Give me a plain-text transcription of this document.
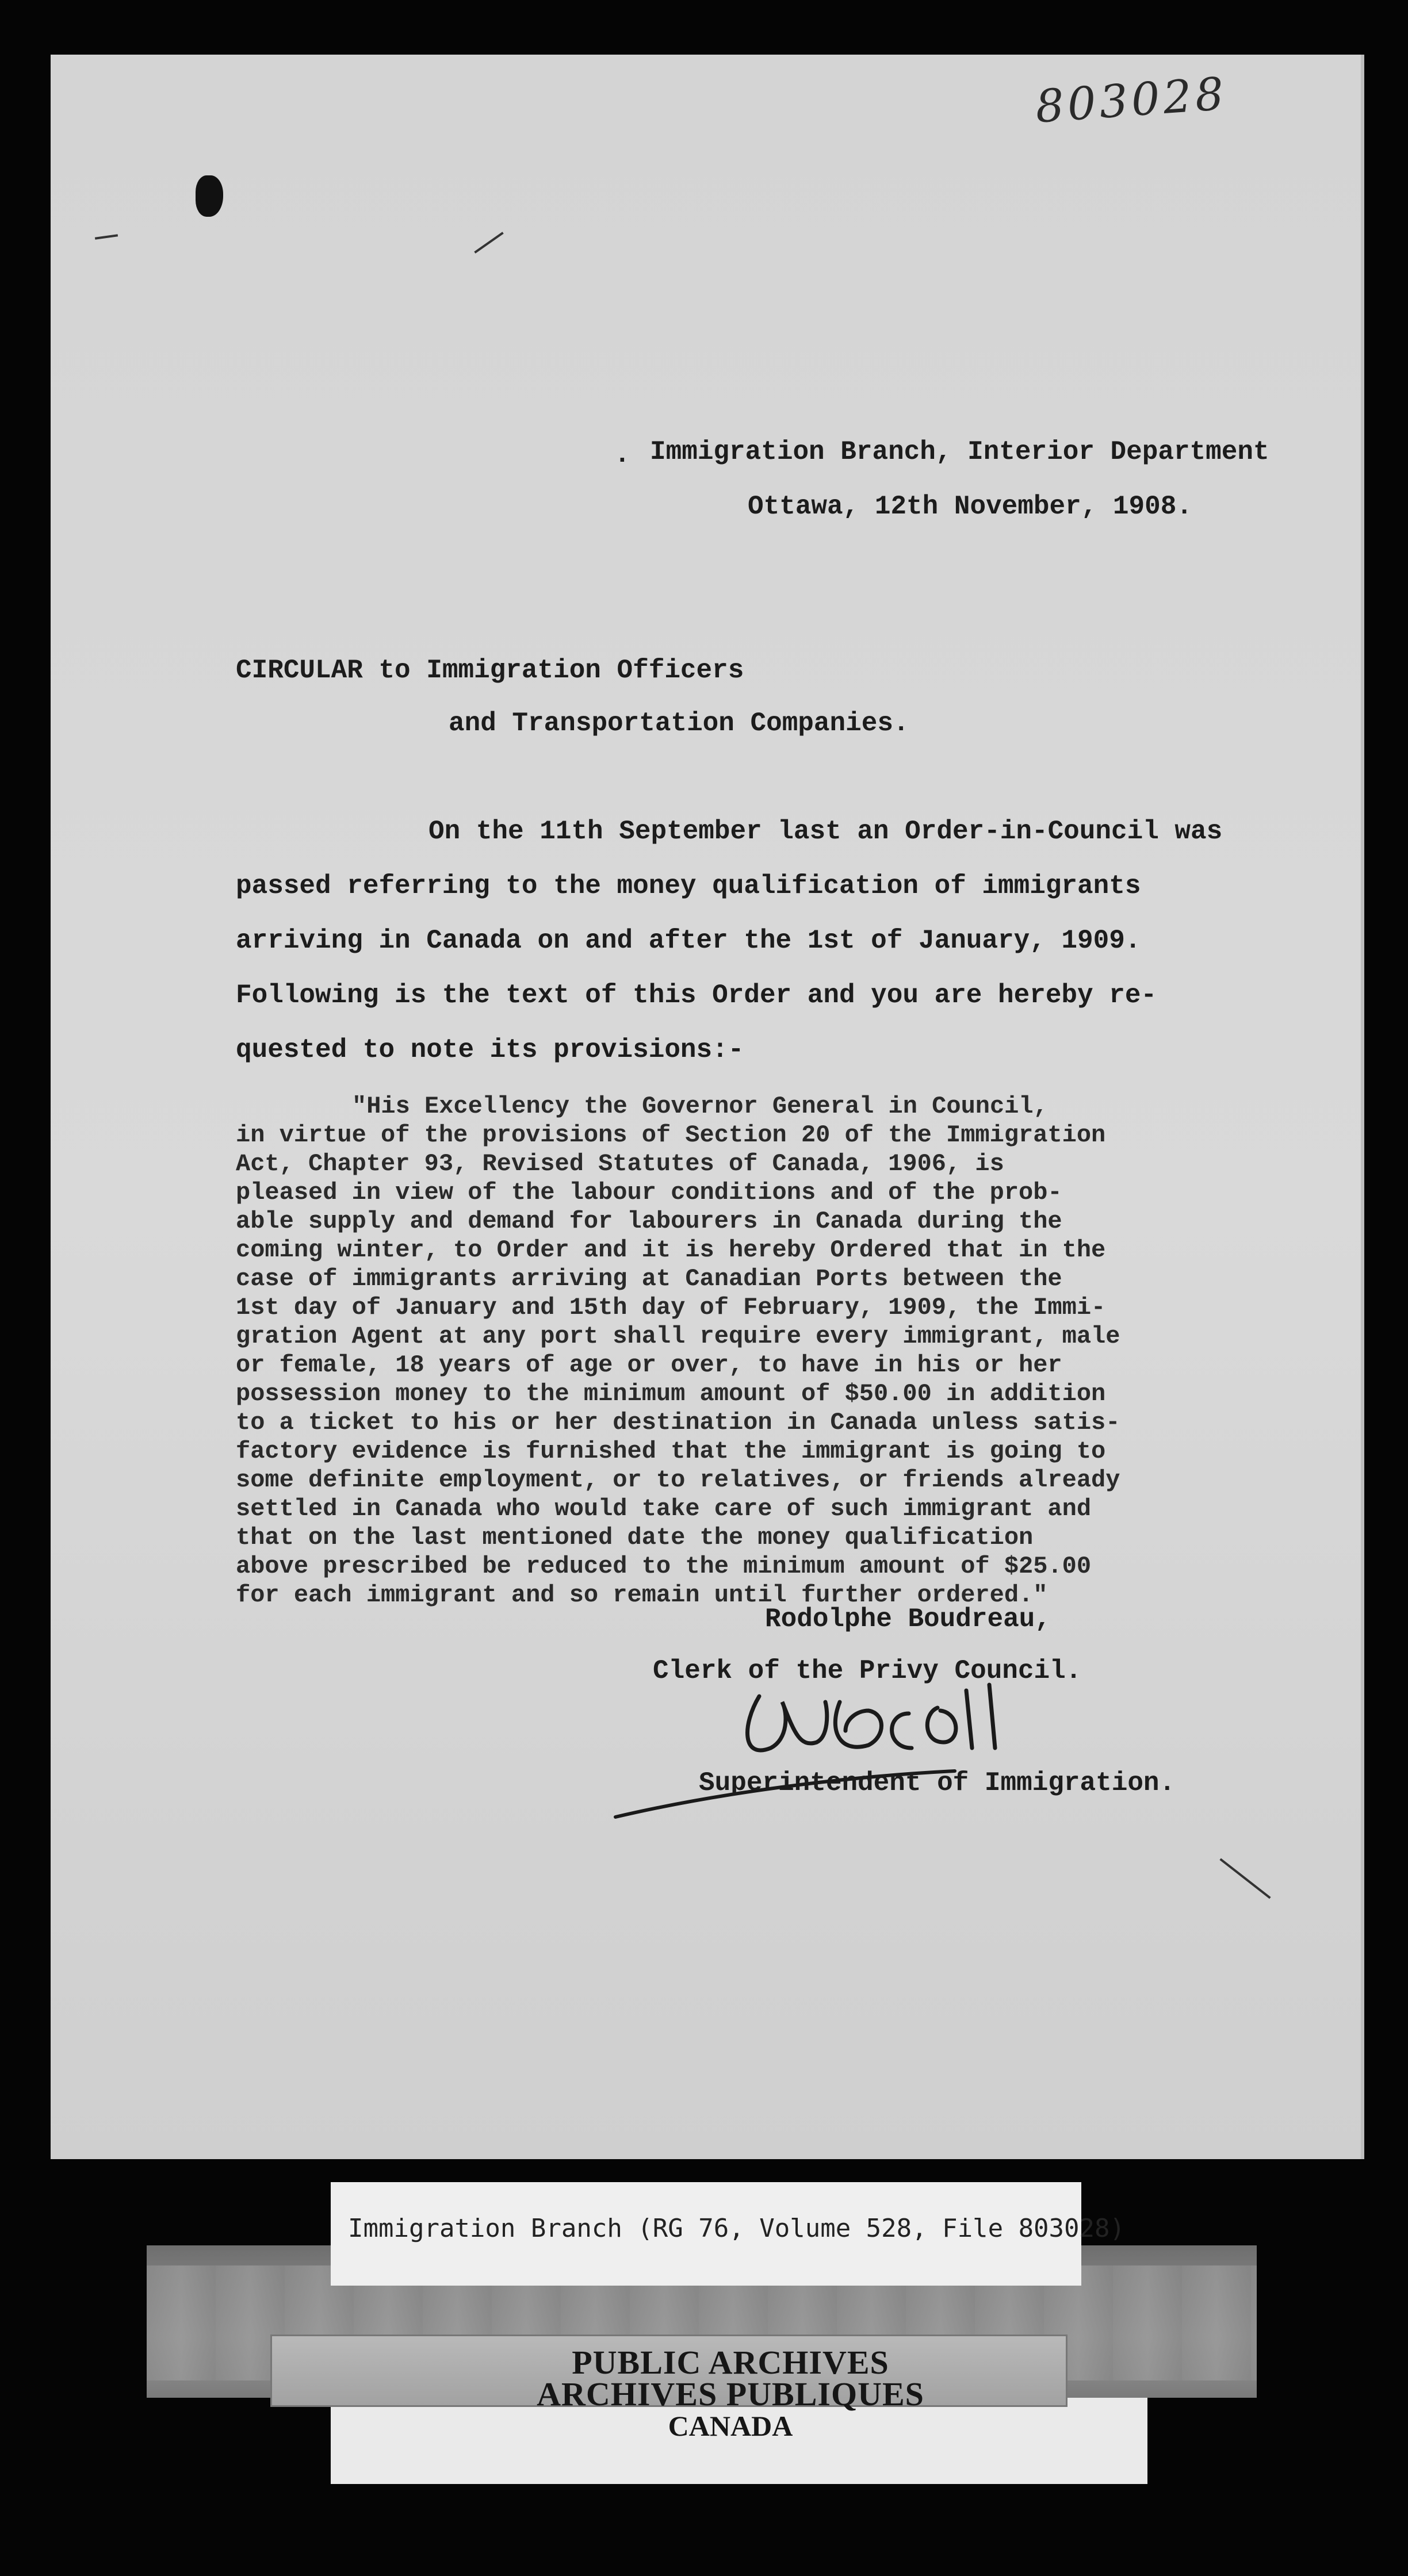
803028
. Immigration Branch, Interior Department
Ottawa, 12th November, 1908.
CIRCULAR to Immigration Officers
and Transportation Companies.
On the 11th September last an Order-in-Council was
passed referring to the money qualification of immigrants
arriving in Canada on and after the 1st of January, 1909.
Following is the text of this Order and you are hereby re-
quested to note its provisions:-
"His Excellency the Governor General in Council,
in virtue of the provisions of Section 20 of the Immigration
Act, Chapter 93, Revised Statutes of Canada, 1906, is
pleased in view of the labour conditions and of the prob-
able supply and demand for labourers in Canada during the
coming winter, to Order and it is hereby Ordered that in the
case of immigrants arriving at Canadian Ports between the
1st day of January and 15th day of February, 1909, the Immi-
gration Agent at any port shall require every immigrant, male
or female, 18 years of age or over, to have in his or her
possession money to the minimum amount of $50.00 in addition
to a ticket to his or her destination in Canada unless satis-
factory evidence is furnished that the immigrant is going to
some definite employment, or to relatives, or friends already
settled in Canada who would take care of such immigrant and
that on the last mentioned date the money qualification
above prescribed be reduced to the minimum amount of $25.00
for each immigrant and so remain until further ordered."
Rodolphe Boudreau,
Clerk of the Privy Council.
Superintendent of Immigration.
Immigration Branch (RG 76, Volume 528, File 803028)
PUBLIC ARCHIVES
ARCHIVES PUBLIQUES
CANADA
